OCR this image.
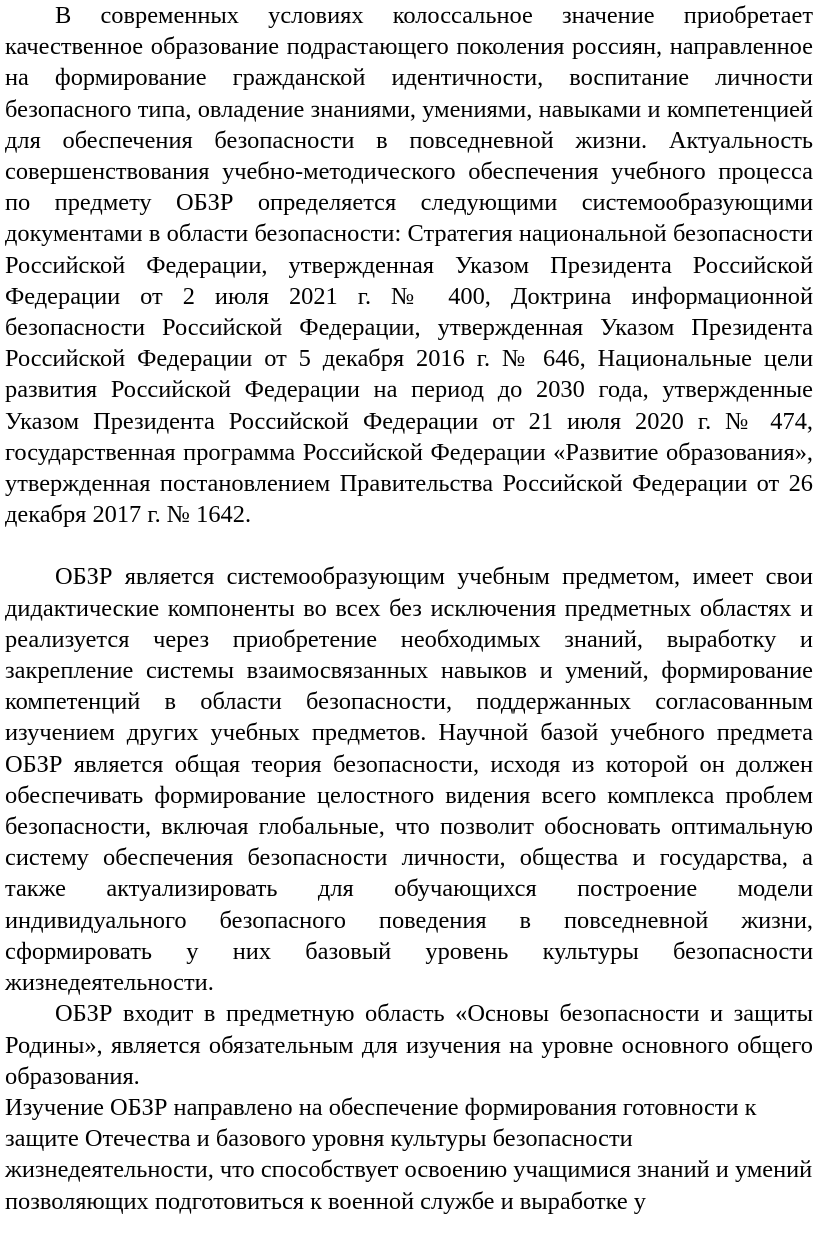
В современных условиях колоссальное значение приобретает качественное образование подрастающего поколения россиян, направленное на формирование гражданской идентичности, воспитание личности безопасного типа, овладение знаниями, умениями, навыками и компетенцией для обеспечения безопасности в повседневной жизни. Актуальность совершенствования учебно-методического обеспечения учебного процесса по предмету ОБЗР определяется следующими системообразующими документами в области безопасности: Стратегия национальной безопасности Российской Федерации, утвержденная Указом Президента Российской Федерации от 2 июля 2021 г. № 400, Доктрина информационной безопасности Российской Федерации, утвержденная Указом Президента Российской Федерации от 5 декабря 2016 г. № 646, Национальные цели развития Российской Федерации на период до 2030 года, утвержденные Указом Президента Российской Федерации от 21 июля 2020 г. № 474, государственная программа Российской Федерации «Развитие образования», утвержденная постановлением Правительства Российской Федерации от 26 декабря 2017 г. № 1642.

ОБЗР является системообразующим учебным предметом, имеет свои дидактические компоненты во всех без исключения предметных областях и реализуется через приобретение необходимых знаний, выработку и закрепление системы взаимосвязанных навыков и умений, формирование компетенций в области безопасности, поддержанных согласованным изучением других учебных предметов. Научной базой учебного предмета ОБЗР является общая теория безопасности, исходя из которой он должен обеспечивать формирование целостного видения всего комплекса проблем безопасности, включая глобальные, что позволит обосновать оптимальную систему обеспечения безопасности личности, общества и государства, а также актуализировать для обучающихся построение модели индивидуального безопасного поведения в повседневной жизни, сформировать у них базовый уровень культуры безопасности жизнедеятельности.

ОБЗР входит в предметную область «Основы безопасности и защиты Родины», является обязательным для изучения на уровне основного общего образования.

Изучение ОБЗР направлено на обеспечение формирования готовности к защите Отечества и базового уровня культуры безопасности жизнедеятельности, что способствует освоению учащимися знаний и умений позволяющих подготовиться к военной службе и выработке у
